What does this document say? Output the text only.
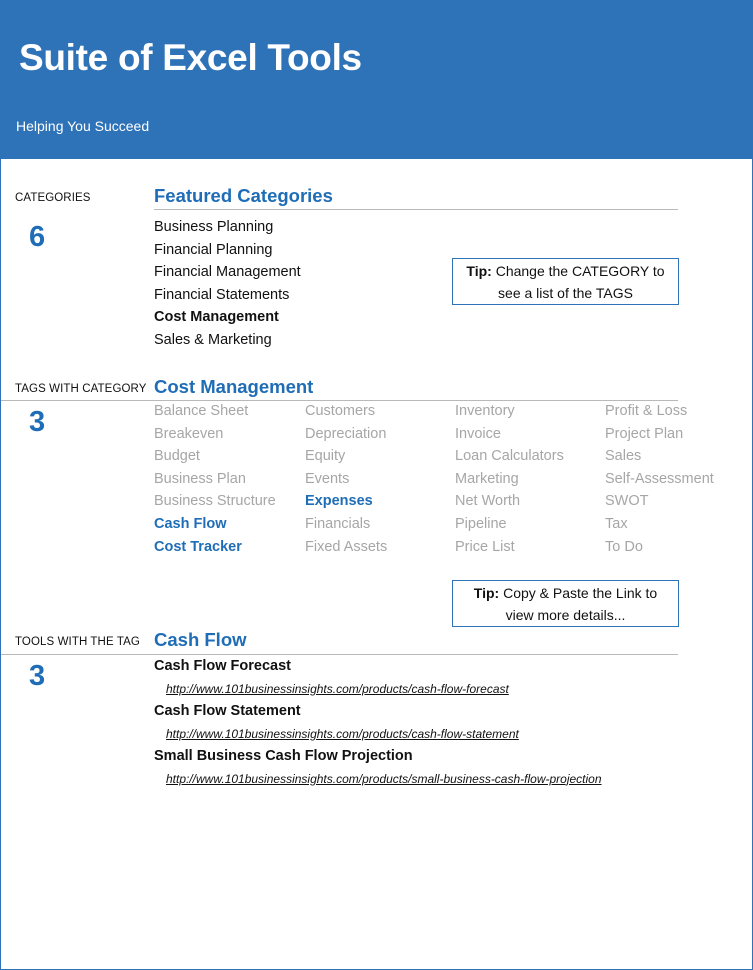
Suite of Excel Tools
Helping You Succeed
CATEGORIES
6
Featured Categories
Business Planning
Financial Planning
Financial Management
Financial Statements
Cost Management
Sales & Marketing
Tip: Change the CATEGORY to
see a list of the TAGS
TAGS WITH CATEGORY
3
Cost Management
Balance Sheet
Breakeven
Budget
Business Plan
Business Structure
Cash Flow
Cost Tracker
Customers
Depreciation
Equity
Events
Expenses
Financials
Fixed Assets
Inventory
Invoice
Loan Calculators
Marketing
Net Worth
Pipeline
Price List
Profit & Loss
Project Plan
Sales
Self-Assessment
SWOT
Tax
To Do
Tip: Copy & Paste the Link to
view more details...
TOOLS WITH THE TAG
3
Cash Flow
Cash Flow Forecast
http://www.101businessinsights.com/products/cash-flow-forecast
Cash Flow Statement
http://www.101businessinsights.com/products/cash-flow-statement
Small Business Cash Flow Projection
http://www.101businessinsights.com/products/small-business-cash-flow-projection
